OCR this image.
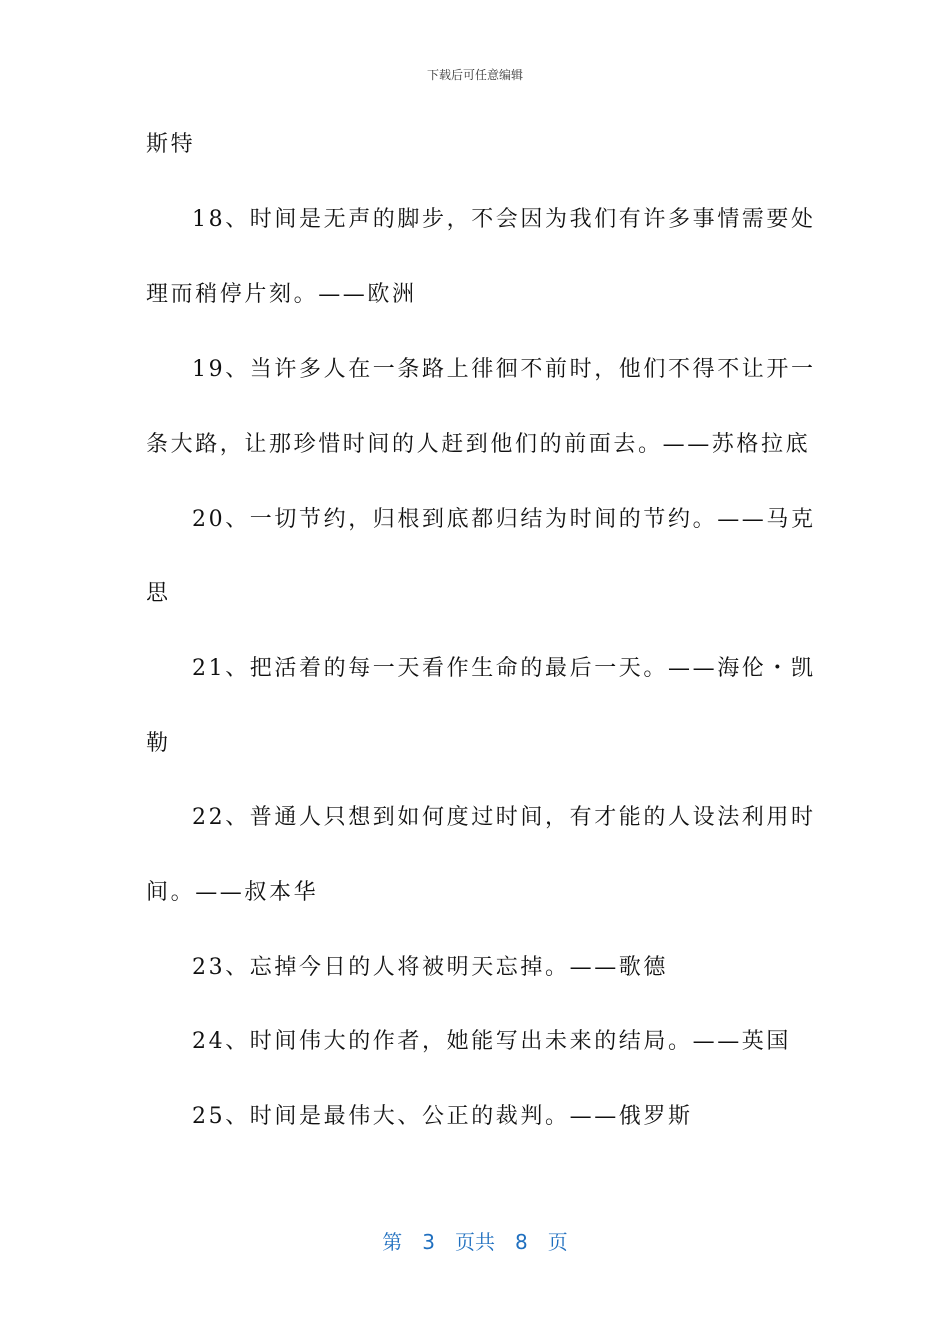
下载后可任意编辑
斯特
18、时间是无声的脚步，不会因为我们有许多事情需要处
理而稍停片刻。——欧洲
19、当许多人在一条路上徘徊不前时，他们不得不让开一
条大路，让那珍惜时间的人赶到他们的前面去。——苏格拉底
20、一切节约，归根到底都归结为时间的节约。——马克
思
21、把活着的每一天看作生命的最后一天。——海伦・凯
勒
22、普通人只想到如何度过时间，有才能的人设法利用时
间。——叔本华
23、忘掉今日的人将被明天忘掉。——歌德
24、时间伟大的作者，她能写出未来的结局。——英国
25、时间是最伟大、公正的裁判。——俄罗斯
第 3 页共 8 页
